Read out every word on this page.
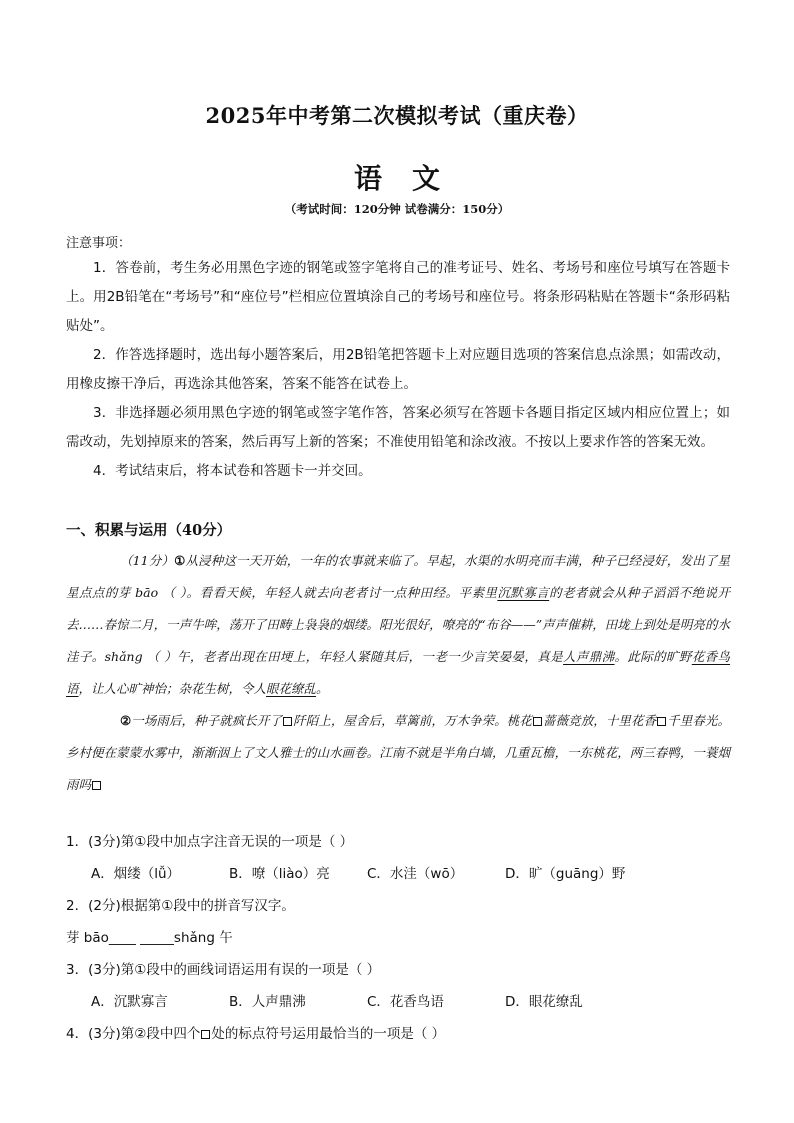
2025年中考第二次模拟考试（重庆卷）
语文
（考试时间：120分钟 试卷满分：150分）
注意事项：

1．答卷前，考生务必用黑色字迹的钢笔或签字笔将自己的准考证号、姓名、考场号和座位号填写在答题卡上。用2B铅笔在“考场号”和“座位号”栏相应位置填涂自己的考场号和座位号。将条形码粘贴在答题卡“条形码粘贴处”。

2．作答选择题时，选出每小题答案后，用2B铅笔把答题卡上对应题目选项的答案信息点涂黑；如需改动，用橡皮擦干净后，再选涂其他答案，答案不能答在试卷上。

3．非选择题必须用黑色字迹的钢笔或签字笔作答，答案必须写在答题卡各题目指定区域内相应位置上；如需改动，先划掉原来的答案，然后再写上新的答案；不准使用铅笔和涂改液。不按以上要求作答的答案无效。

4．考试结束后，将本试卷和答题卡一并交回。

一、积累与运用（40分）

（11分）①从浸种这一天开始，一年的农事就来临了。早起，水渠的水明亮而丰满，种子已经浸好，发出了星星点点的芽 bāo （ ）。看看天候，年轻人就去向老者讨一点种田经。平素里沉默寡言的老者就会从种子滔滔不绝说开去……春惊二月，一声牛哞，荡开了田畴上袅袅的烟缕。阳光很好，嘹亮的“布谷——”声声催耕，田垅上到处是明亮的水洼子。shǎng （ ）午，老者出现在田埂上，年轻人紧随其后，一老一少言笑晏晏，真是人声鼎沸。此际的旷野花香鸟语，让人心旷神怡；杂花生树，令人眼花缭乱。

②一场雨后，种子就疯长开了 阡陌上，屋舍后，草篱前，万木争荣。桃花 蔷薇竞放，十里花香 千里春光。乡村便在蒙蒙水雾中，渐渐洇上了文人雅士的山水画卷。江南不就是半角白墙，几重瓦檐，一东桃花，两三春鸭，一蓑烟雨吗

1．(3分)第①段中加点字注音无误的一项是（ ）
A．烟缕（lǚ）	B．嘹（liào）亮	C．水洼（wō）	D．旷（guāng）野
2．(2分)根据第①段中的拼音写汉字。
芽 bāo____ _____shǎng 午
3．(3分)第①段中的画线词语运用有误的一项是（ ）
A．沉默寡言	B．人声鼎沸	C．花香鸟语	D．眼花缭乱
4．(3分)第②段中四个 处的标点符号运用最恰当的一项是（ ）
